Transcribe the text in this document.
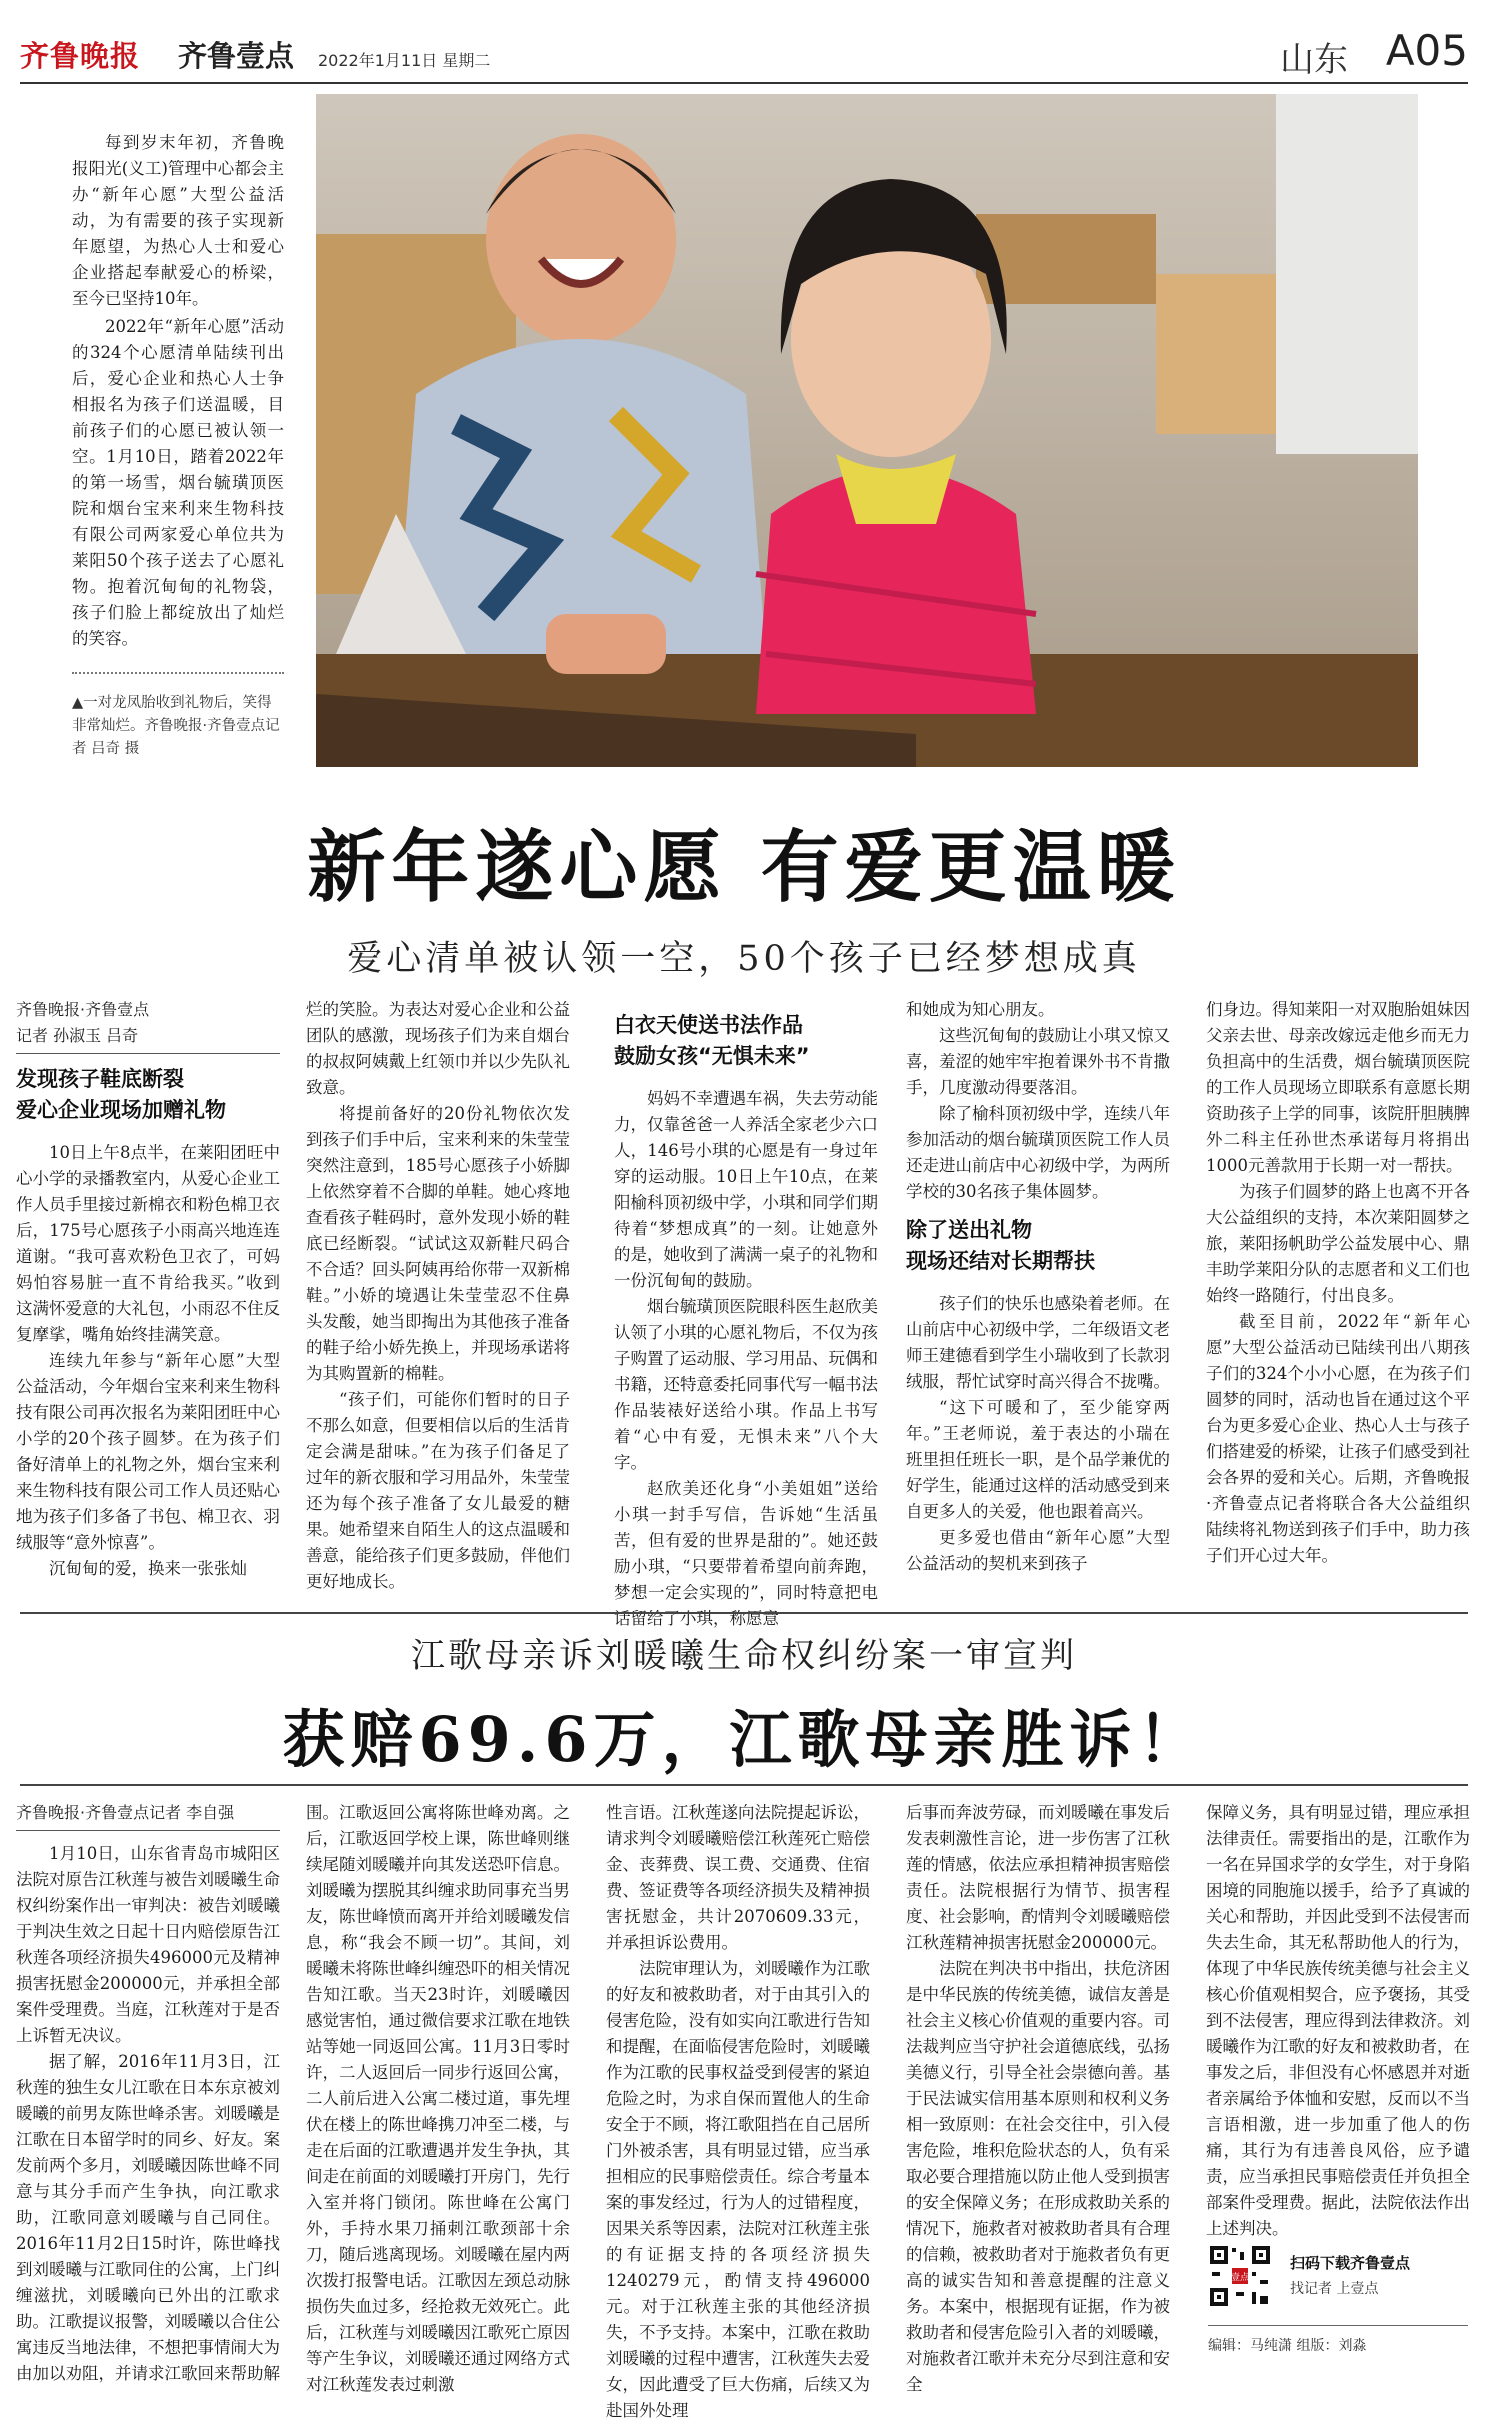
齐鲁晚报 齐鲁壹点 2022年1月11日 星期二	山东 A05

每到岁末年初，齐鲁晚报阳光(义工)管理中心都会主办“新年心愿”大型公益活动，为有需要的孩子实现新年愿望，为热心人士和爱心企业搭起奉献爱心的桥梁，至今已坚持10年。

2022年“新年心愿”活动的324个心愿清单陆续刊出后，爱心企业和热心人士争相报名为孩子们送温暖，目前孩子们的心愿已被认领一空。1月10日，踏着2022年的第一场雪，烟台毓璜顶医院和烟台宝来利来生物科技有限公司两家爱心单位共为莱阳50个孩子送去了心愿礼物。抱着沉甸甸的礼物袋，孩子们脸上都绽放出了灿烂的笑容。

▲一对龙凤胎收到礼物后，笑得非常灿烂。齐鲁晚报·齐鲁壹点记者 吕奇 摄
新年遂心愿 有爱更温暖
爱心清单被认领一空，50个孩子已经梦想成真
齐鲁晚报·齐鲁壹点
记者 孙淑玉 吕奇
发现孩子鞋底断裂
爱心企业现场加赠礼物

10日上午8点半，在莱阳团旺中心小学的录播教室内，从爱心企业工作人员手里接过新棉衣和粉色棉卫衣后，175号心愿孩子小雨高兴地连连道谢。“我可喜欢粉色卫衣了，可妈妈怕容易脏一直不肯给我买。”收到这满怀爱意的大礼包，小雨忍不住反复摩挲，嘴角始终挂满笑意。

连续九年参与“新年心愿”大型公益活动，今年烟台宝来利来生物科技有限公司再次报名为莱阳团旺中心小学的20个孩子圆梦。在为孩子们备好清单上的礼物之外，烟台宝来利来生物科技有限公司工作人员还贴心地为孩子们多备了书包、棉卫衣、羽绒服等“意外惊喜”。

沉甸甸的爱，换来一张张灿

烂的笑脸。为表达对爱心企业和公益团队的感激，现场孩子们为来自烟台的叔叔阿姨戴上红领巾并以少先队礼致意。

将提前备好的20份礼物依次发到孩子们手中后，宝来利来的朱莹莹突然注意到，185号心愿孩子小娇脚上依然穿着不合脚的单鞋。她心疼地查看孩子鞋码时，意外发现小娇的鞋底已经断裂。“试试这双新鞋尺码合不合适？回头阿姨再给你带一双新棉鞋。”小娇的境遇让朱莹莹忍不住鼻头发酸，她当即掏出为其他孩子准备的鞋子给小娇先换上，并现场承诺将为其购置新的棉鞋。

“孩子们，可能你们暂时的日子不那么如意，但要相信以后的生活肯定会满是甜味。”在为孩子们备足了过年的新衣服和学习用品外，朱莹莹还为每个孩子准备了女儿最爱的糖果。她希望来自陌生人的这点温暖和善意，能给孩子们更多鼓励，伴他们更好地成长。

白衣天使送书法作品
鼓励女孩“无惧未来”

妈妈不幸遭遇车祸，失去劳动能力，仅靠爸爸一人养活全家老少六口人，146号小琪的心愿是有一身过年穿的运动服。10日上午10点，在莱阳榆科顶初级中学，小琪和同学们期待着“梦想成真”的一刻。让她意外的是，她收到了满满一桌子的礼物和一份沉甸甸的鼓励。

烟台毓璜顶医院眼科医生赵欣美认领了小琪的心愿礼物后，不仅为孩子购置了运动服、学习用品、玩偶和书籍，还特意委托同事代写一幅书法作品装裱好送给小琪。作品上书写着“心中有爱，无惧未来”八个大字。

赵欣美还化身“小美姐姐”送给小琪一封手写信，告诉她“生活虽苦，但有爱的世界是甜的”。她还鼓励小琪，“只要带着希望向前奔跑，梦想一定会实现的”，同时特意把电话留给了小琪，称愿意

和她成为知心朋友。

这些沉甸甸的鼓励让小琪又惊又喜，羞涩的她牢牢抱着课外书不肯撒手，几度激动得要落泪。

除了榆科顶初级中学，连续八年参加活动的烟台毓璜顶医院工作人员还走进山前店中心初级中学，为两所学校的30名孩子集体圆梦。

除了送出礼物
现场还结对长期帮扶

孩子们的快乐也感染着老师。在山前店中心初级中学，二年级语文老师王建德看到学生小瑞收到了长款羽绒服，帮忙试穿时高兴得合不拢嘴。

“这下可暖和了，至少能穿两年。”王老师说，羞于表达的小瑞在班里担任班长一职，是个品学兼优的好学生，能通过这样的活动感受到来自更多人的关爱，他也跟着高兴。

更多爱也借由“新年心愿”大型公益活动的契机来到孩子

们身边。得知莱阳一对双胞胎姐妹因父亲去世、母亲改嫁远走他乡而无力负担高中的生活费，烟台毓璜顶医院的工作人员现场立即联系有意愿长期资助孩子上学的同事，该院肝胆胰脾外二科主任孙世杰承诺每月将捐出1000元善款用于长期一对一帮扶。

为孩子们圆梦的路上也离不开各大公益组织的支持，本次莱阳圆梦之旅，莱阳扬帆助学公益发展中心、鼎丰助学莱阳分队的志愿者和义工们也始终一路随行，付出良多。

截至目前，2022年“新年心愿”大型公益活动已陆续刊出八期孩子们的324个小小心愿，在为孩子们圆梦的同时，活动也旨在通过这个平台为更多爱心企业、热心人士与孩子们搭建爱的桥梁，让孩子们感受到社会各界的爱和关心。后期，齐鲁晚报·齐鲁壹点记者将联合各大公益组织陆续将礼物送到孩子们手中，助力孩子们开心过大年。

江歌母亲诉刘暖曦生命权纠纷案一审宣判
获赔69.6万，江歌母亲胜诉！
齐鲁晚报·齐鲁壹点记者 李自强

1月10日，山东省青岛市城阳区法院对原告江秋莲与被告刘暖曦生命权纠纷案作出一审判决：被告刘暖曦于判决生效之日起十日内赔偿原告江秋莲各项经济损失496000元及精神损害抚慰金200000元，并承担全部案件受理费。当庭，江秋莲对于是否上诉暂无决议。

据了解，2016年11月3日，江秋莲的独生女儿江歌在日本东京被刘暖曦的前男友陈世峰杀害。刘暖曦是江歌在日本留学时的同乡、好友。案发前两个多月，刘暖曦因陈世峰不同意与其分手而产生争执，向江歌求助，江歌同意刘暖曦与自己同住。2016年11月2日15时许，陈世峰找到刘暖曦与江歌同住的公寓，上门纠缠滋扰，刘暖曦向已外出的江歌求助。江歌提议报警，刘暖曦以合住公寓违反当地法律，不想把事情闹大为由加以劝阻，并请求江歌回来帮助解

围。江歌返回公寓将陈世峰劝离。之后，江歌返回学校上课，陈世峰则继续尾随刘暖曦并向其发送恐吓信息。刘暖曦为摆脱其纠缠求助同事充当男友，陈世峰愤而离开并给刘暖曦发信息，称“我会不顾一切”。其间，刘暖曦未将陈世峰纠缠恐吓的相关情况告知江歌。当天23时许，刘暖曦因感觉害怕，通过微信要求江歌在地铁站等她一同返回公寓。11月3日零时许，二人返回后一同步行返回公寓，二人前后进入公寓二楼过道，事先埋伏在楼上的陈世峰携刀冲至二楼，与走在后面的江歌遭遇并发生争执，其间走在前面的刘暖曦打开房门，先行入室并将门锁闭。陈世峰在公寓门外，手持水果刀捅刺江歌颈部十余刀，随后逃离现场。刘暖曦在屋内两次拨打报警电话。江歌因左颈总动脉损伤失血过多，经抢救无效死亡。此后，江秋莲与刘暖曦因江歌死亡原因等产生争议，刘暖曦还通过网络方式对江秋莲发表过刺激

性言语。江秋莲遂向法院提起诉讼，请求判令刘暖曦赔偿江秋莲死亡赔偿金、丧葬费、误工费、交通费、住宿费、签证费等各项经济损失及精神损害抚慰金，共计2070609.33元，并承担诉讼费用。

法院审理认为，刘暖曦作为江歌的好友和被救助者，对于由其引入的侵害危险，没有如实向江歌进行告知和提醒，在面临侵害危险时，刘暖曦作为江歌的民事权益受到侵害的紧迫危险之时，为求自保而置他人的生命安全于不顾，将江歌阻挡在自己居所门外被杀害，具有明显过错，应当承担相应的民事赔偿责任。综合考量本案的事发经过，行为人的过错程度，因果关系等因素，法院对江秋莲主张的有证据支持的各项经济损失1240279元，酌情支持496000元。对于江秋莲主张的其他经济损失，不予支持。本案中，江歌在救助刘暖曦的过程中遭害，江秋莲失去爱女，因此遭受了巨大伤痛，后续又为赴国外处理

后事而奔波劳碌，而刘暖曦在事发后发表刺激性言论，进一步伤害了江秋莲的情感，依法应承担精神损害赔偿责任。法院根据行为情节、损害程度、社会影响，酌情判令刘暖曦赔偿江秋莲精神损害抚慰金200000元。

法院在判决书中指出，扶危济困是中华民族的传统美德，诚信友善是社会主义核心价值观的重要内容。司法裁判应当守护社会道德底线，弘扬美德义行，引导全社会崇德向善。基于民法诚实信用基本原则和权利义务相一致原则：在社会交往中，引入侵害危险，堆积危险状态的人，负有采取必要合理措施以防止他人受到损害的安全保障义务；在形成救助关系的情况下，施救者对被救助者具有合理的信赖，被救助者对于施救者负有更高的诚实告知和善意提醒的注意义务。本案中，根据现有证据，作为被救助者和侵害危险引入者的刘暖曦，对施救者江歌并未充分尽到注意和安全

保障义务，具有明显过错，理应承担法律责任。需要指出的是，江歌作为一名在异国求学的女学生，对于身陷困境的同胞施以援手，给予了真诚的关心和帮助，并因此受到不法侵害而失去生命，其无私帮助他人的行为，体现了中华民族传统美德与社会主义核心价值观相契合，应予褒扬，其受到不法侵害，理应得到法律救济。刘暖曦作为江歌的好友和被救助者，在事发之后，非但没有心怀感恩并对逝者亲属给予体恤和安慰，反而以不当言语相激，进一步加重了他人的伤痛，其行为有违善良风俗，应予谴责，应当承担民事赔偿责任并负担全部案件受理费。据此，法院依法作出上述判决。

壹点
扫码下载齐鲁壹点
找记者 上壹点
编辑：马纯潇 组版：刘淼
